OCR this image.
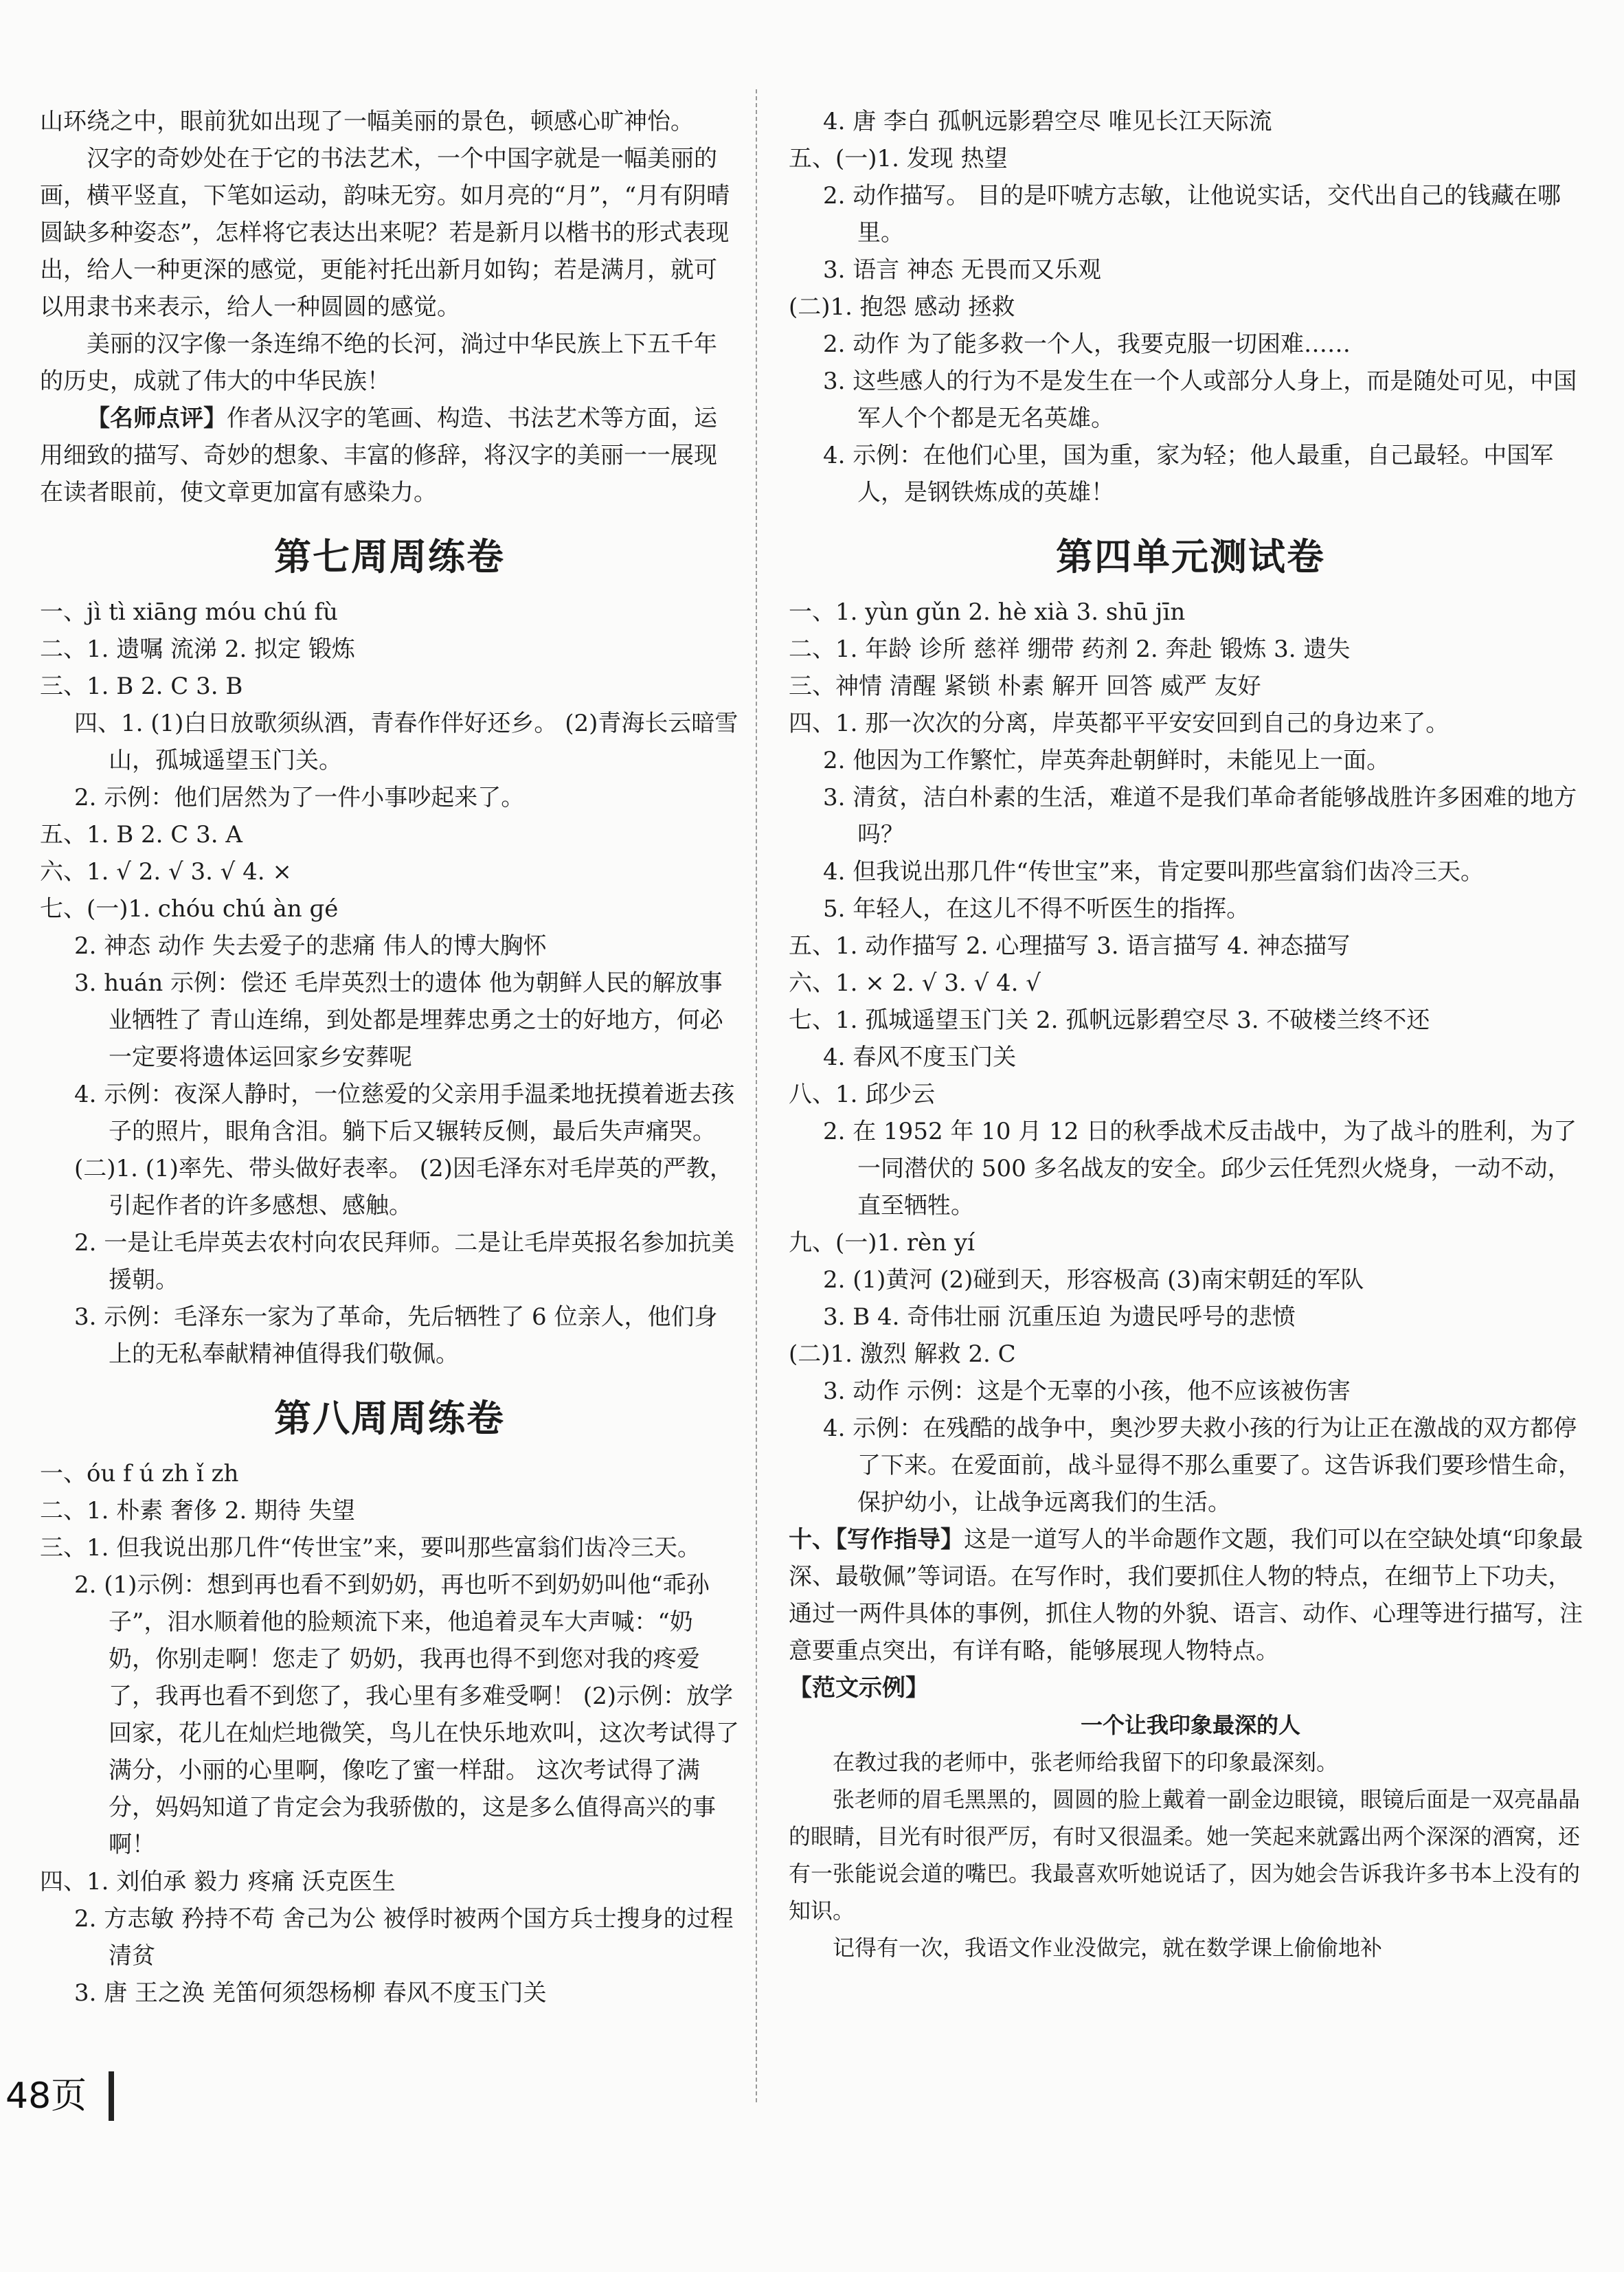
山环绕之中，眼前犹如出现了一幅美丽的景色，顿感心旷神怡。

汉字的奇妙处在于它的书法艺术，一个中国字就是一幅美丽的画，横平竖直，下笔如运动，韵味无穷。如月亮的“月”，“月有阴晴圆缺多种姿态”，怎样将它表达出来呢？若是新月以楷书的形式表现出，给人一种更深的感觉，更能衬托出新月如钩；若是满月，就可以用隶书来表示，给人一种圆圆的感觉。

美丽的汉字像一条连绵不绝的长河，淌过中华民族上下五千年的历史，成就了伟大的中华民族！

【名师点评】作者从汉字的笔画、构造、书法艺术等方面，运用细致的描写、奇妙的想象、丰富的修辞，将汉字的美丽一一展现在读者眼前，使文章更加富有感染力。

第七周周练卷

一、jì tì xiānɡ móu chú fù

二、1. 遗嘱 流涕 2. 拟定 锻炼

三、1. B 2. C 3. B

四、1. (1)白日放歌须纵酒，青春作伴好还乡。 (2)青海长云暗雪山，孤城遥望玉门关。

2. 示例：他们居然为了一件小事吵起来了。

五、1. B 2. C 3. A

六、1. √ 2. √ 3. √ 4. ×

七、(一)1. chóu chú àn ɡé

2. 神态 动作 失去爱子的悲痛 伟人的博大胸怀

3. huán 示例：偿还 毛岸英烈士的遗体 他为朝鲜人民的解放事业牺牲了 青山连绵，到处都是埋葬忠勇之士的好地方，何必一定要将遗体运回家乡安葬呢

4. 示例：夜深人静时，一位慈爱的父亲用手温柔地抚摸着逝去孩子的照片，眼角含泪。躺下后又辗转反侧，最后失声痛哭。

(二)1. (1)率先、带头做好表率。 (2)因毛泽东对毛岸英的严教，引起作者的许多感想、感触。

2. 一是让毛岸英去农村向农民拜师。二是让毛岸英报名参加抗美援朝。

3. 示例：毛泽东一家为了革命，先后牺牲了 6 位亲人，他们身上的无私奉献精神值得我们敬佩。

第八周周练卷

一、óu f ú zh ǐ zh

二、1. 朴素 奢侈 2. 期待 失望

三、1. 但我说出那几件“传世宝”来，要叫那些富翁们齿冷三天。

2. (1)示例：想到再也看不到奶奶，再也听不到奶奶叫他“乖孙子”，泪水顺着他的脸颊流下来，他追着灵车大声喊：“奶奶，你别走啊！您走了 奶奶，我再也得不到您对我的疼爱了，我再也看不到您了，我心里有多难受啊！ (2)示例：放学回家，花儿在灿烂地微笑，鸟儿在快乐地欢叫，这次考试得了满分，小丽的心里啊，像吃了蜜一样甜。 这次考试得了满分，妈妈知道了肯定会为我骄傲的，这是多么值得高兴的事啊！

四、1. 刘伯承 毅力 疼痛 沃克医生

2. 方志敏 矜持不苟 舍己为公 被俘时被两个国方兵士搜身的过程 清贫

3. 唐 王之涣 羌笛何须怨杨柳 春风不度玉门关

4. 唐 李白 孤帆远影碧空尽 唯见长江天际流

五、(一)1. 发现 热望

2. 动作描写。 目的是吓唬方志敏，让他说实话，交代出自己的钱藏在哪里。

3. 语言 神态 无畏而又乐观

(二)1. 抱怨 感动 拯救

2. 动作 为了能多救一个人，我要克服一切困难……

3. 这些感人的行为不是发生在一个人或部分人身上，而是随处可见，中国军人个个都是无名英雄。

4. 示例：在他们心里，国为重，家为轻；他人最重，自己最轻。中国军人，是钢铁炼成的英雄！

第四单元测试卷

一、1. yùn ɡǔn 2. hè xià 3. shū jīn

二、1. 年龄 诊所 慈祥 绷带 药剂 2. 奔赴 锻炼 3. 遗失

三、神情 清醒 紧锁 朴素 解开 回答 威严 友好

四、1. 那一次次的分离，岸英都平平安安回到自己的身边来了。

2. 他因为工作繁忙，岸英奔赴朝鲜时，未能见上一面。

3. 清贫，洁白朴素的生活，难道不是我们革命者能够战胜许多困难的地方吗？

4. 但我说出那几件“传世宝”来，肯定要叫那些富翁们齿冷三天。

5. 年轻人，在这儿不得不听医生的指挥。

五、1. 动作描写 2. 心理描写 3. 语言描写 4. 神态描写

六、1. × 2. √ 3. √ 4. √

七、1. 孤城遥望玉门关 2. 孤帆远影碧空尽 3. 不破楼兰终不还

4. 春风不度玉门关

八、1. 邱少云

2. 在 1952 年 10 月 12 日的秋季战术反击战中，为了战斗的胜利，为了一同潜伏的 500 多名战友的安全。邱少云任凭烈火烧身，一动不动，直至牺牲。

九、(一)1. rèn yí

2. (1)黄河 (2)碰到天，形容极高 (3)南宋朝廷的军队

3. B 4. 奇伟壮丽 沉重压迫 为遗民呼号的悲愤

(二)1. 激烈 解救 2. C

3. 动作 示例：这是个无辜的小孩，他不应该被伤害

4. 示例：在残酷的战争中，奥沙罗夫救小孩的行为让正在激战的双方都停了下来。在爱面前，战斗显得不那么重要了。这告诉我们要珍惜生命，保护幼小，让战争远离我们的生活。

十、【写作指导】这是一道写人的半命题作文题，我们可以在空缺处填“印象最深、最敬佩”等词语。在写作时，我们要抓住人物的特点，在细节上下功夫，通过一两件具体的事例，抓住人物的外貌、语言、动作、心理等进行描写，注意要重点突出，有详有略，能够展现人物特点。

【范文示例】

一个让我印象最深的人

在教过我的老师中，张老师给我留下的印象最深刻。

张老师的眉毛黑黑的，圆圆的脸上戴着一副金边眼镜，眼镜后面是一双亮晶晶的眼睛，目光有时很严厉，有时又很温柔。她一笑起来就露出两个深深的酒窝，还有一张能说会道的嘴巴。我最喜欢听她说话了，因为她会告诉我许多书本上没有的知识。

记得有一次，我语文作业没做完，就在数学课上偷偷地补

48页
